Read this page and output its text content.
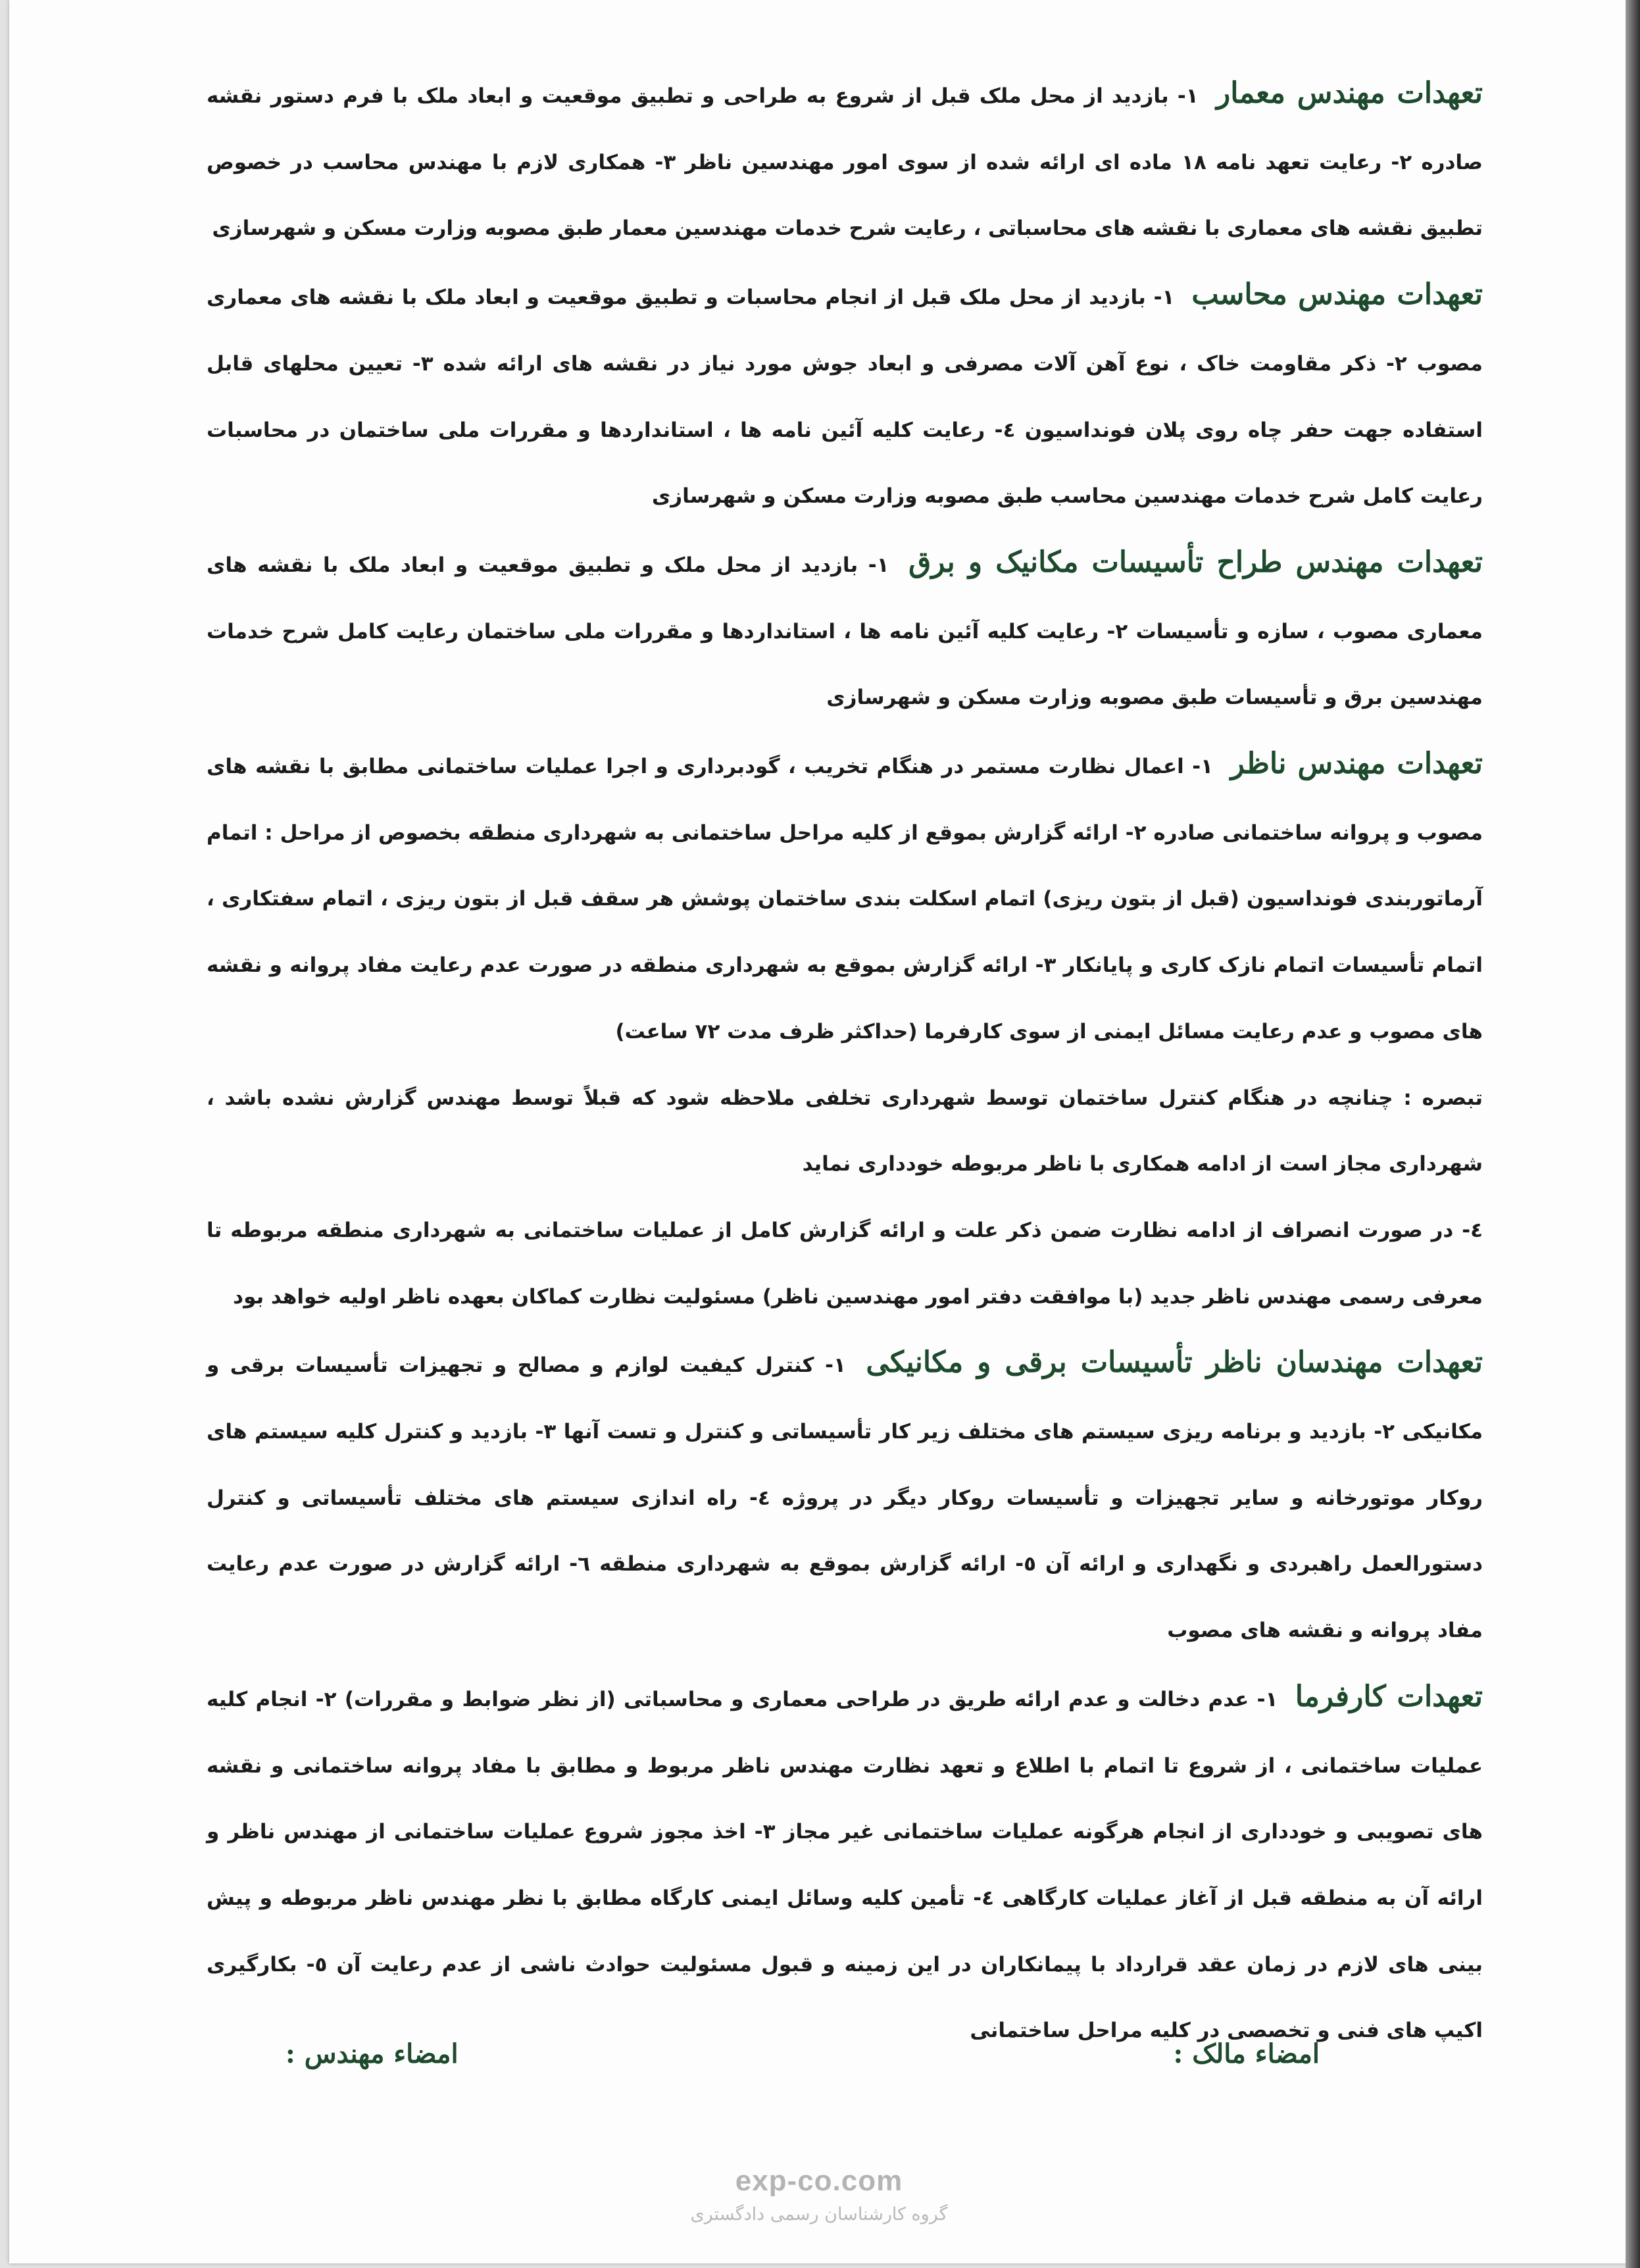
تعهدات مهندس معمار ۱- بازدید از محل ملک قبل از شروع به طراحی و تطبیق موقعیت و ابعاد ملک با فرم دستور نقشه صادره ۲- رعایت تعهد نامه ۱۸ ماده ای ارائه شده از سوی امور مهندسین ناظر ۳- همکاری لازم با مهندس محاسب در خصوص تطبیق نقشه های معماری با نقشه های محاسباتی ، رعایت شرح خدمات مهندسین معمار طبق مصوبه وزارت مسکن و شهرسازی

تعهدات مهندس محاسب ۱- بازدید از محل ملک قبل از انجام محاسبات و تطبیق موقعیت و ابعاد ملک با نقشه های معماری مصوب ۲- ذکر مقاومت خاک ، نوع آهن آلات مصرفی و ابعاد جوش مورد نیاز در نقشه های ارائه شده ۳- تعیین محلهای قابل استفاده جهت حفر چاه روی پلان فونداسیون ٤- رعایت کلیه آئین نامه ها ، استانداردها و مقررات ملی ساختمان در محاسبات رعایت کامل شرح خدمات مهندسین محاسب طبق مصوبه وزارت مسکن و شهرسازی

تعهدات مهندس طراح تأسیسات مکانیک و برق ۱- بازدید از محل ملک و تطبیق موقعیت و ابعاد ملک با نقشه های معماری مصوب ، سازه و تأسیسات ۲- رعایت کلیه آئین نامه ها ، استانداردها و مقررات ملی ساختمان رعایت کامل شرح خدمات مهندسین برق و تأسیسات طبق مصوبه وزارت مسکن و شهرسازی

تعهدات مهندس ناظر ۱- اعمال نظارت مستمر در هنگام تخریب ، گودبرداری و اجرا عملیات ساختمانی مطابق با نقشه های مصوب و پروانه ساختمانی صادره ۲- ارائه گزارش بموقع از کلیه مراحل ساختمانی به شهرداری منطقه بخصوص از مراحل : اتمام آرماتوربندی فونداسیون (قبل از بتون ریزی) اتمام اسکلت بندی ساختمان پوشش هر سقف قبل از بتون ریزی ، اتمام سفتکاری ، اتمام تأسیسات اتمام نازک کاری و پایانکار ۳- ارائه گزارش بموقع به شهرداری منطقه در صورت عدم رعایت مفاد پروانه و نقشه های مصوب و عدم رعایت مسائل ایمنی از سوی کارفرما (حداکثر ظرف مدت ۷۲ ساعت)

تبصره : چنانچه در هنگام کنترل ساختمان توسط شهرداری تخلفی ملاحظه شود که قبلاً توسط مهندس گزارش نشده باشد ، شهرداری مجاز است از ادامه همکاری با ناظر مربوطه خودداری نماید

٤- در صورت انصراف از ادامه نظارت ضمن ذکر علت و ارائه گزارش کامل از عملیات ساختمانی به شهرداری منطقه مربوطه تا معرفی رسمی مهندس ناظر جدید (با موافقت دفتر امور مهندسین ناظر) مسئولیت نظارت کماکان بعهده ناظر اولیه خواهد بود

تعهدات مهندسان ناظر تأسیسات برقی و مکانیکی ۱- کنترل کیفیت لوازم و مصالح و تجهیزات تأسیسات برقی و مکانیکی ۲- بازدید و برنامه ریزی سیستم های مختلف زیر کار تأسیساتی و کنترل و تست آنها ۳- بازدید و کنترل کلیه سیستم های روکار موتورخانه و سایر تجهیزات و تأسیسات روکار دیگر در پروژه ٤- راه اندازی سیستم های مختلف تأسیساتی و کنترل دستورالعمل راهبردی و نگهداری و ارائه آن ٥- ارائه گزارش بموقع به شهرداری منطقه ٦- ارائه گزارش در صورت عدم رعایت مفاد پروانه و نقشه های مصوب

تعهدات کارفرما ۱- عدم دخالت و عدم ارائه طریق در طراحی معماری و محاسباتی (از نظر ضوابط و مقررات) ۲- انجام کلیه عملیات ساختمانی ، از شروع تا اتمام با اطلاع و تعهد نظارت مهندس ناظر مربوط و مطابق با مفاد پروانه ساختمانی و نقشه های تصویبی و خودداری از انجام هرگونه عملیات ساختمانی غیر مجاز ۳- اخذ مجوز شروع عملیات ساختمانی از مهندس ناظر و ارائه آن به منطقه قبل از آغاز عملیات کارگاهی ٤- تأمین کلیه وسائل ایمنی کارگاه مطابق با نظر مهندس ناظر مربوطه و پیش بینی های لازم در زمان عقد قرارداد با پیمانکاران در این زمینه و قبول مسئولیت حوادث ناشی از عدم رعایت آن ٥- بکارگیری اکیپ های فنی و تخصصی در کلیه مراحل ساختمانی

امضاء مالک :
امضاء مهندس :
exp-co.com
گروه کارشناسان رسمی دادگستری
